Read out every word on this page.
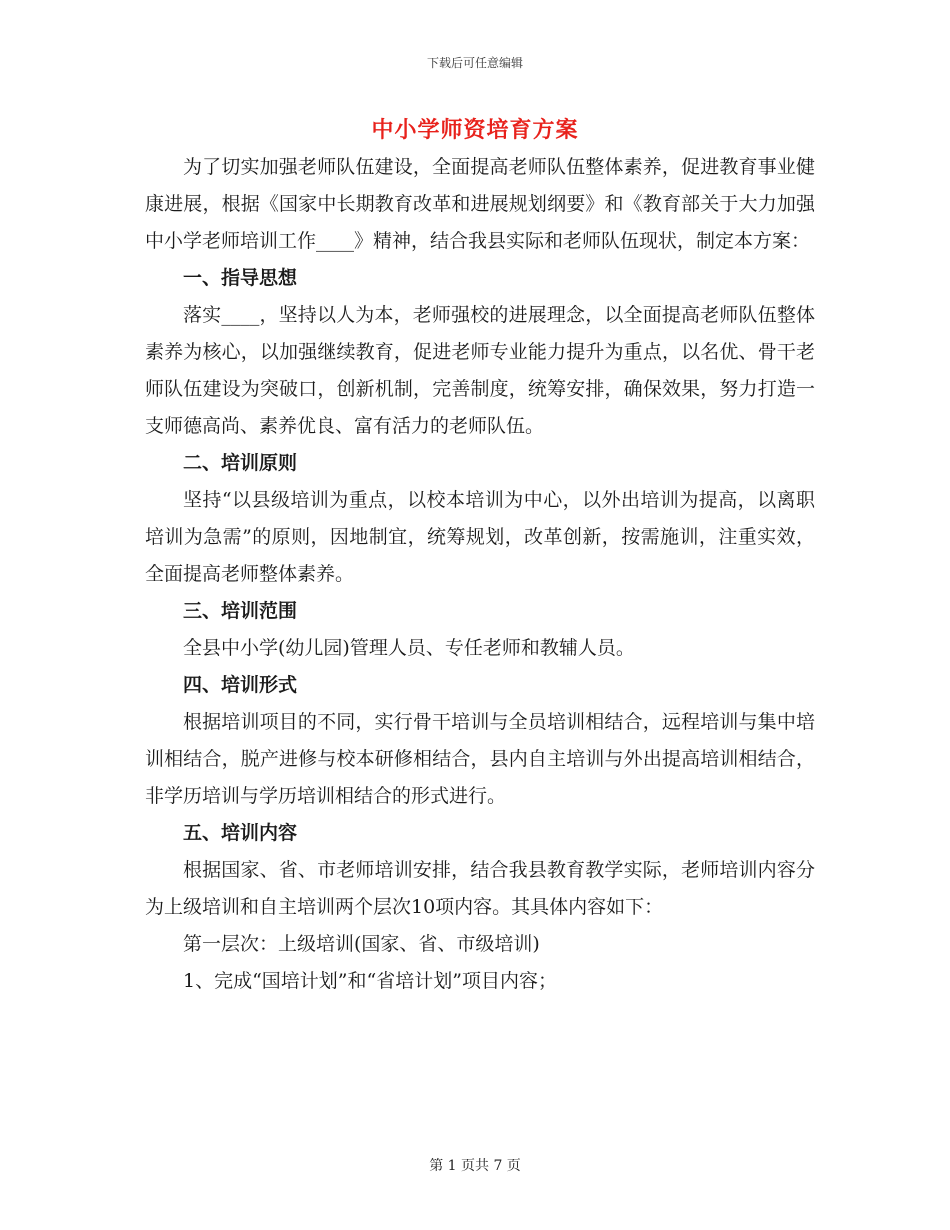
下载后可任意编辑
中小学师资培育方案

为了切实加强老师队伍建设，全面提高老师队伍整体素养，促进教育事业健康进展，根据《国家中长期教育改革和进展规划纲要》和《教育部关于大力加强中小学老师培训工作____》精神，结合我县实际和老师队伍现状，制定本方案：

一、指导思想

落实____，坚持以人为本，老师强校的进展理念，以全面提高老师队伍整体素养为核心，以加强继续教育，促进老师专业能力提升为重点，以名优、骨干老师队伍建设为突破口，创新机制，完善制度，统筹安排，确保效果，努力打造一支师德高尚、素养优良、富有活力的老师队伍。

二、培训原则

坚持“以县级培训为重点，以校本培训为中心，以外出培训为提高，以离职培训为急需”的原则，因地制宜，统筹规划，改革创新，按需施训，注重实效，全面提高老师整体素养。

三、培训范围

全县中小学(幼儿园)管理人员、专任老师和教辅人员。

四、培训形式

根据培训项目的不同，实行骨干培训与全员培训相结合，远程培训与集中培训相结合，脱产进修与校本研修相结合，县内自主培训与外出提高培训相结合，非学历培训与学历培训相结合的形式进行。

五、培训内容

根据国家、省、市老师培训安排，结合我县教育教学实际，老师培训内容分为上级培训和自主培训两个层次10项内容。其具体内容如下：

第一层次：上级培训(国家、省、市级培训)

1、完成“国培计划”和“省培计划”项目内容；

第 1 页共 7 页
